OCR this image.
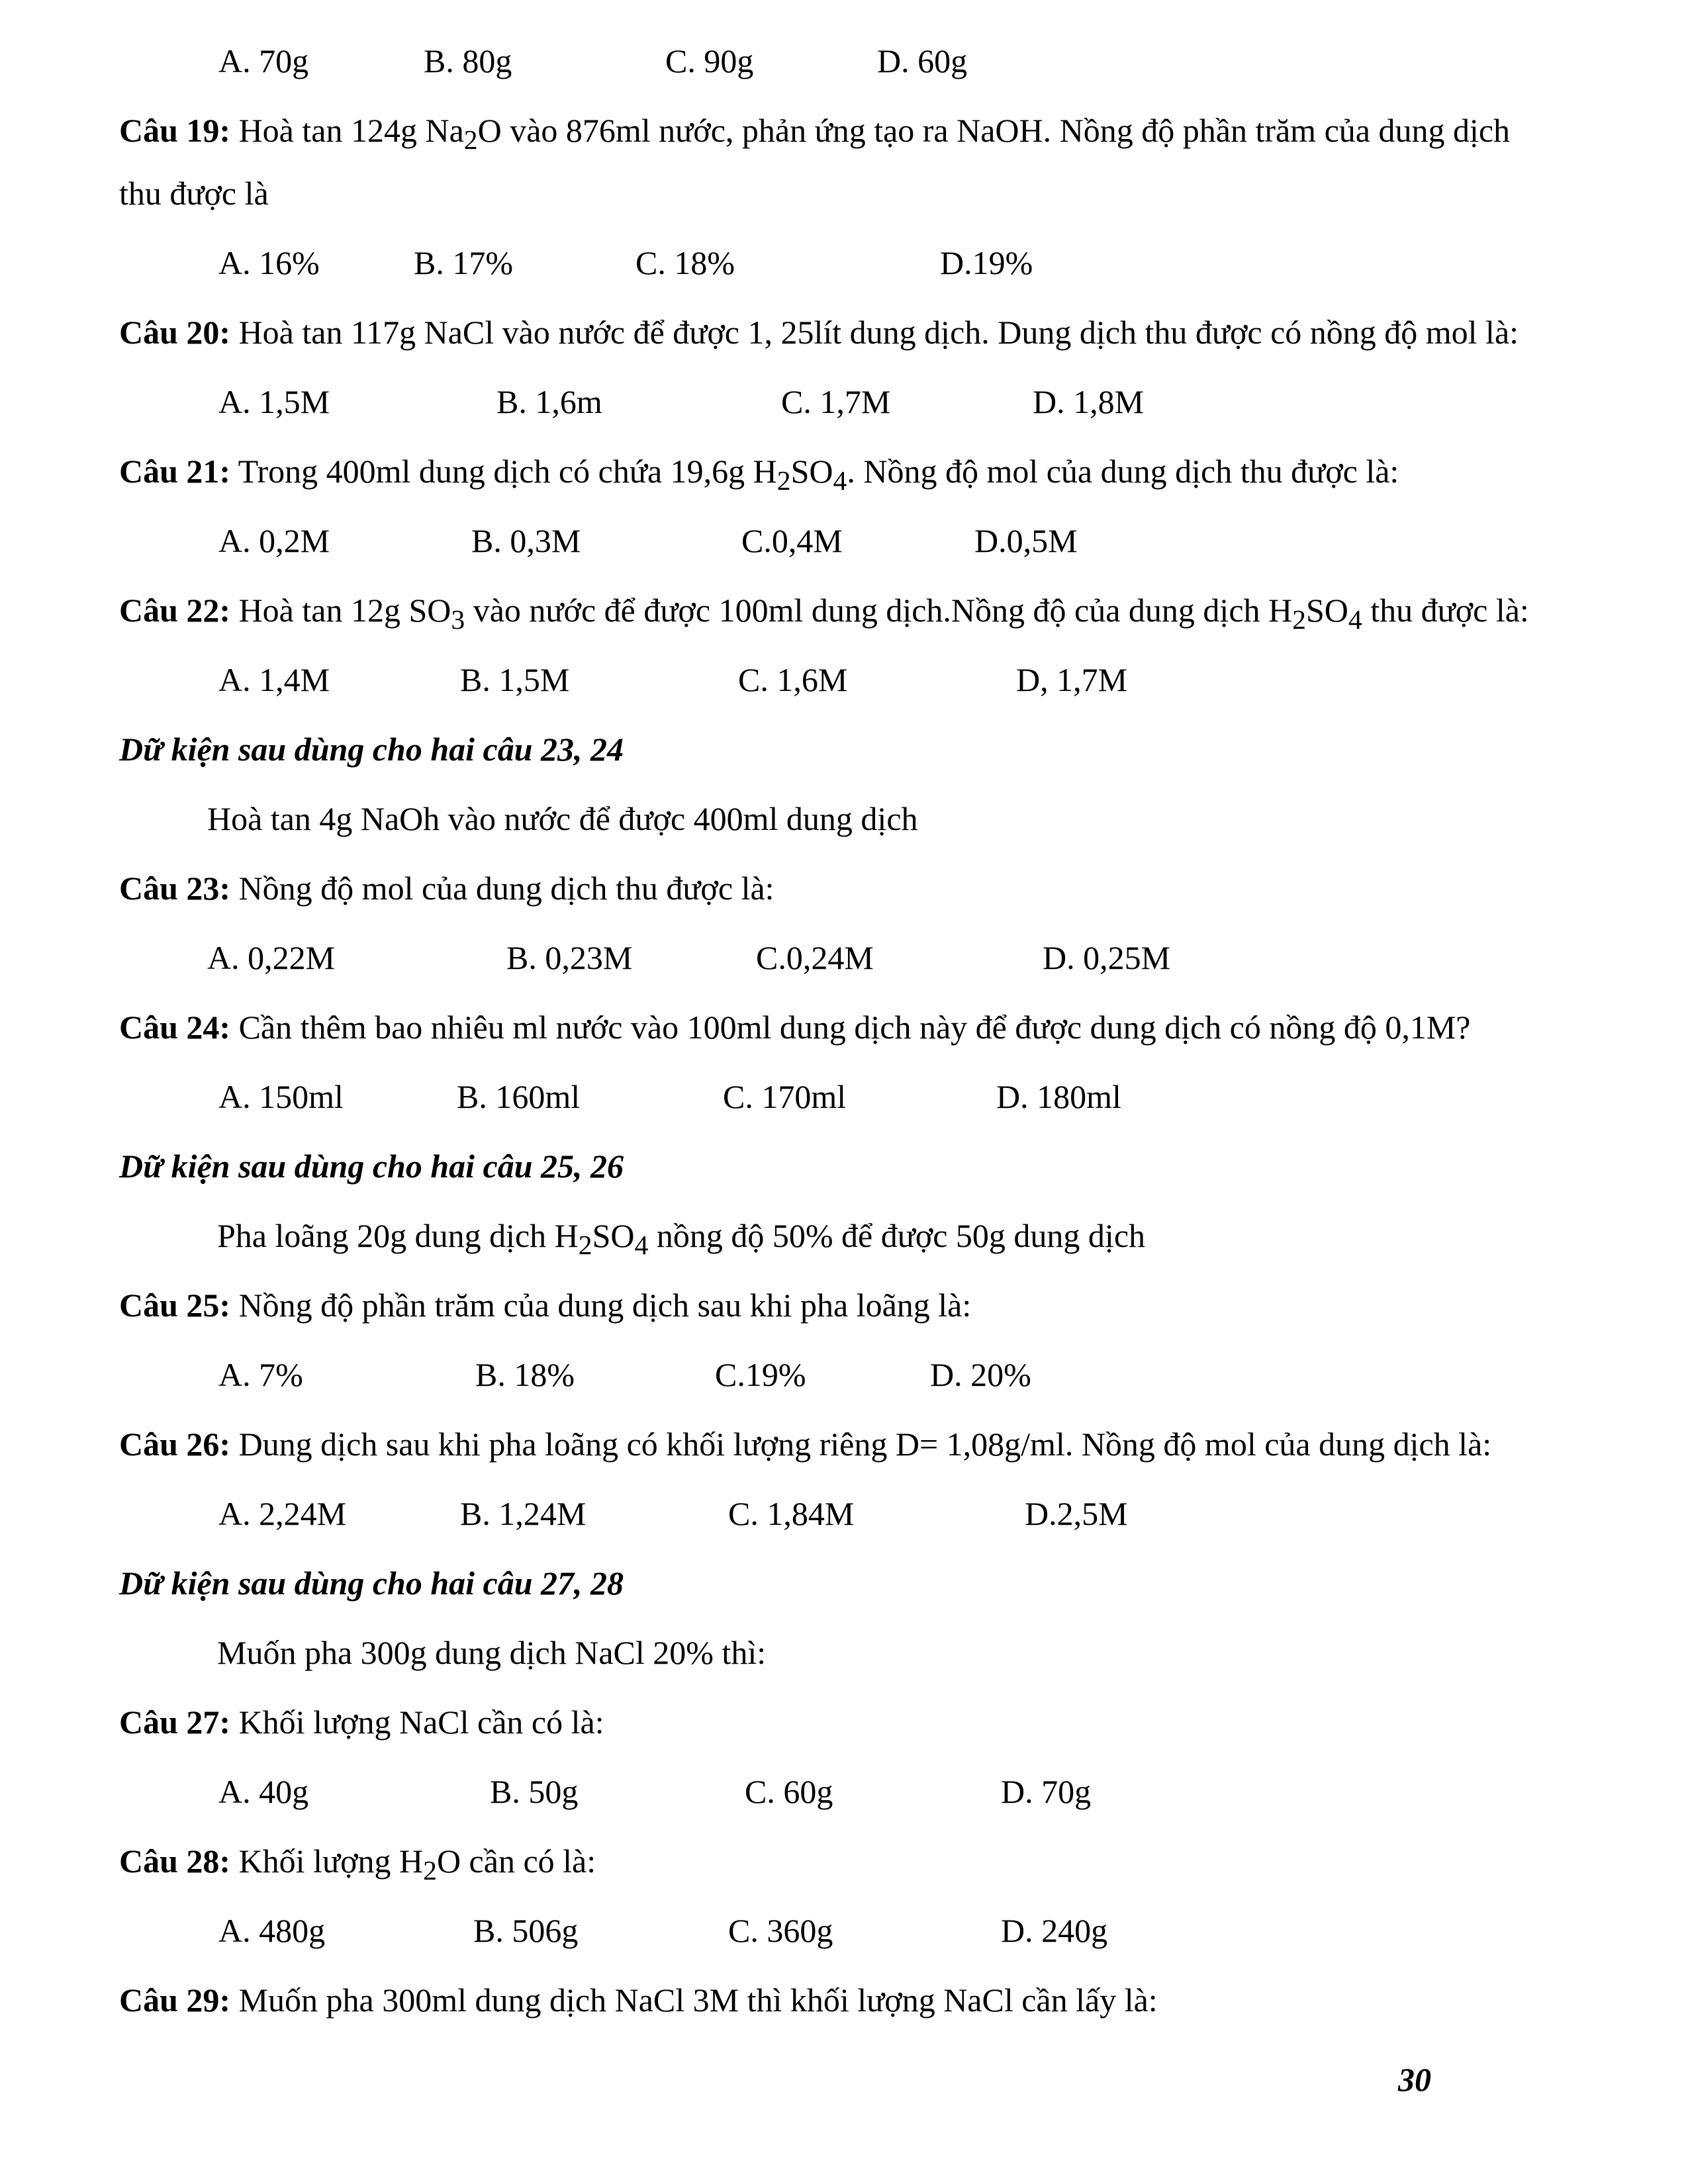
A. 70g	B. 80g	C. 90g	D. 60g
Câu 19: Hoà tan 124g $Na_2O$ vào 876ml nước, phản ứng tạo ra NaOH. Nồng độ phần trăm của dung dịch
thu được là
A. 16%	B. 17%	C. 18%	D.19%
Câu 20: Hoà tan 117g NaCl vào nước để được 1, 25lít dung dịch. Dung dịch thu được có nồng độ mol là:
A. 1,5M	B. 1,6m	C. 1,7M	D. 1,8M
Câu 21: Trong 400ml dung dịch có chứa 19,6g $H_2SO_4$. Nồng độ mol của dung dịch thu được là:
A. 0,2M	B. 0,3M	C.0,4M	D.0,5M
Câu 22: Hoà tan 12g $SO_3$ vào nước để được 100ml dung dịch.Nồng độ của dung dịch $H_2SO_4$ thu được là:
A. 1,4M	B. 1,5M	C. 1,6M	D, 1,7M
Dữ kiện sau dùng cho hai câu 23, 24
Hoà tan 4g NaOh vào nước để được 400ml dung dịch
Câu 23: Nồng độ mol của dung dịch thu được là:
A. 0,22M	B. 0,23M	C.0,24M	D. 0,25M
Câu 24: Cần thêm bao nhiêu ml nước vào 100ml dung dịch này để được dung dịch có nồng độ 0,1M?
A. 150ml	B. 160ml	C. 170ml	D. 180ml
Dữ kiện sau dùng cho hai câu 25, 26
Pha loãng 20g dung dịch $H_2SO_4$ nồng độ 50% để được 50g dung dịch
Câu 25: Nồng độ phần trăm của dung dịch sau khi pha loãng là:
A. 7%	B. 18%	C.19%	D. 20%
Câu 26: Dung dịch sau khi pha loãng có khối lượng riêng D= 1,08g/ml. Nồng độ mol của dung dịch là:
A. 2,24M	B. 1,24M	C. 1,84M	D.2,5M
Dữ kiện sau dùng cho hai câu 27, 28
Muốn pha 300g dung dịch NaCl 20% thì:
Câu 27: Khối lượng NaCl cần có là:
A. 40g	B. 50g	C. 60g	D. 70g
Câu 28: Khối lượng $H_2O$ cần có là:
A. 480g	B. 506g	C. 360g	D. 240g
Câu 29: Muốn pha 300ml dung dịch NaCl 3M thì khối lượng NaCl cần lấy là:
30
